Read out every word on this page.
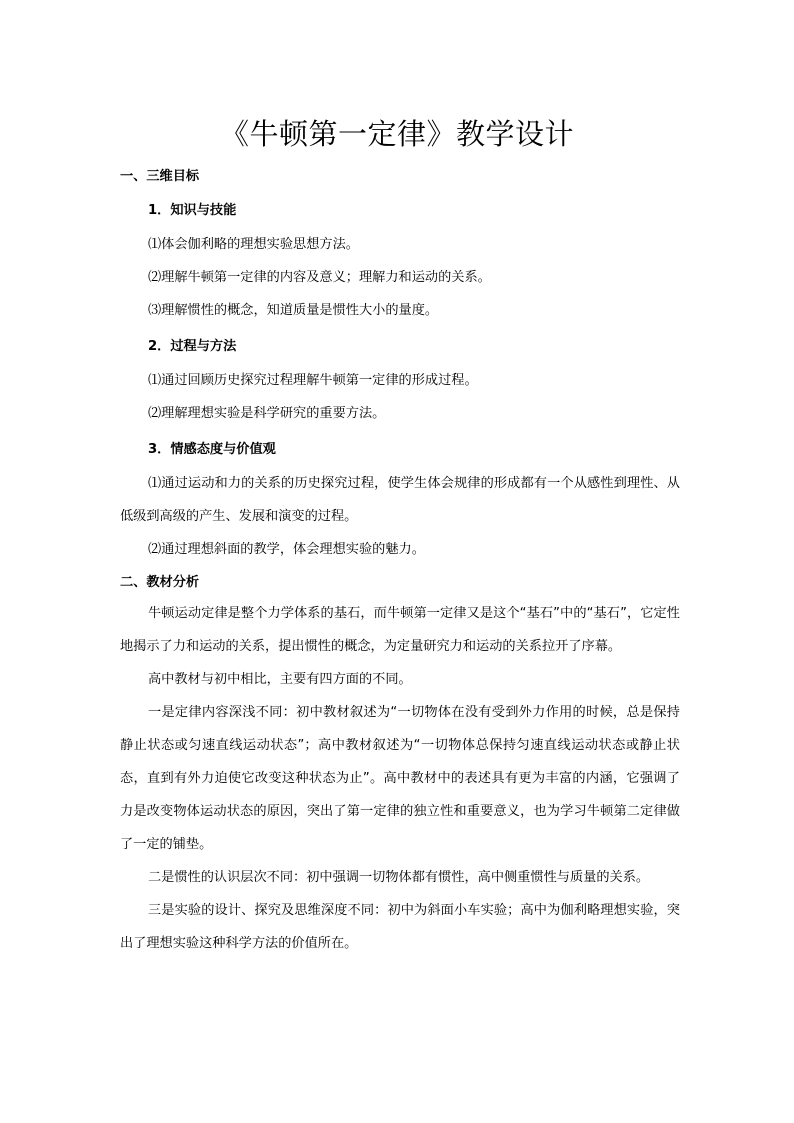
《牛顿第一定律》教学设计
一、三维目标
1．知识与技能
⑴体会伽利略的理想实验思想方法。
⑵理解牛顿第一定律的内容及意义；理解力和运动的关系。
⑶理解惯性的概念，知道质量是惯性大小的量度。
2．过程与方法
⑴通过回顾历史探究过程理解牛顿第一定律的形成过程。
⑵理解理想实验是科学研究的重要方法。
3．情感态度与价值观
⑴通过运动和力的关系的历史探究过程，使学生体会规律的形成都有一个从感性到理性、从低级到高级的产生、发展和演变的过程。
⑵通过理想斜面的教学，体会理想实验的魅力。
二、教材分析
牛顿运动定律是整个力学体系的基石，而牛顿第一定律又是这个“基石”中的“基石”，它定性地揭示了力和运动的关系，提出惯性的概念，为定量研究力和运动的关系拉开了序幕。
高中教材与初中相比，主要有四方面的不同。
一是定律内容深浅不同：初中教材叙述为“一切物体在没有受到外力作用的时候，总是保持静止状态或匀速直线运动状态”；高中教材叙述为“一切物体总保持匀速直线运动状态或静止状态，直到有外力迫使它改变这种状态为止”。高中教材中的表述具有更为丰富的内涵，它强调了力是改变物体运动状态的原因，突出了第一定律的独立性和重要意义，也为学习牛顿第二定律做了一定的铺垫。
二是惯性的认识层次不同：初中强调一切物体都有惯性，高中侧重惯性与质量的关系。
三是实验的设计、探究及思维深度不同：初中为斜面小车实验；高中为伽利略理想实验，突出了理想实验这种科学方法的价值所在。
